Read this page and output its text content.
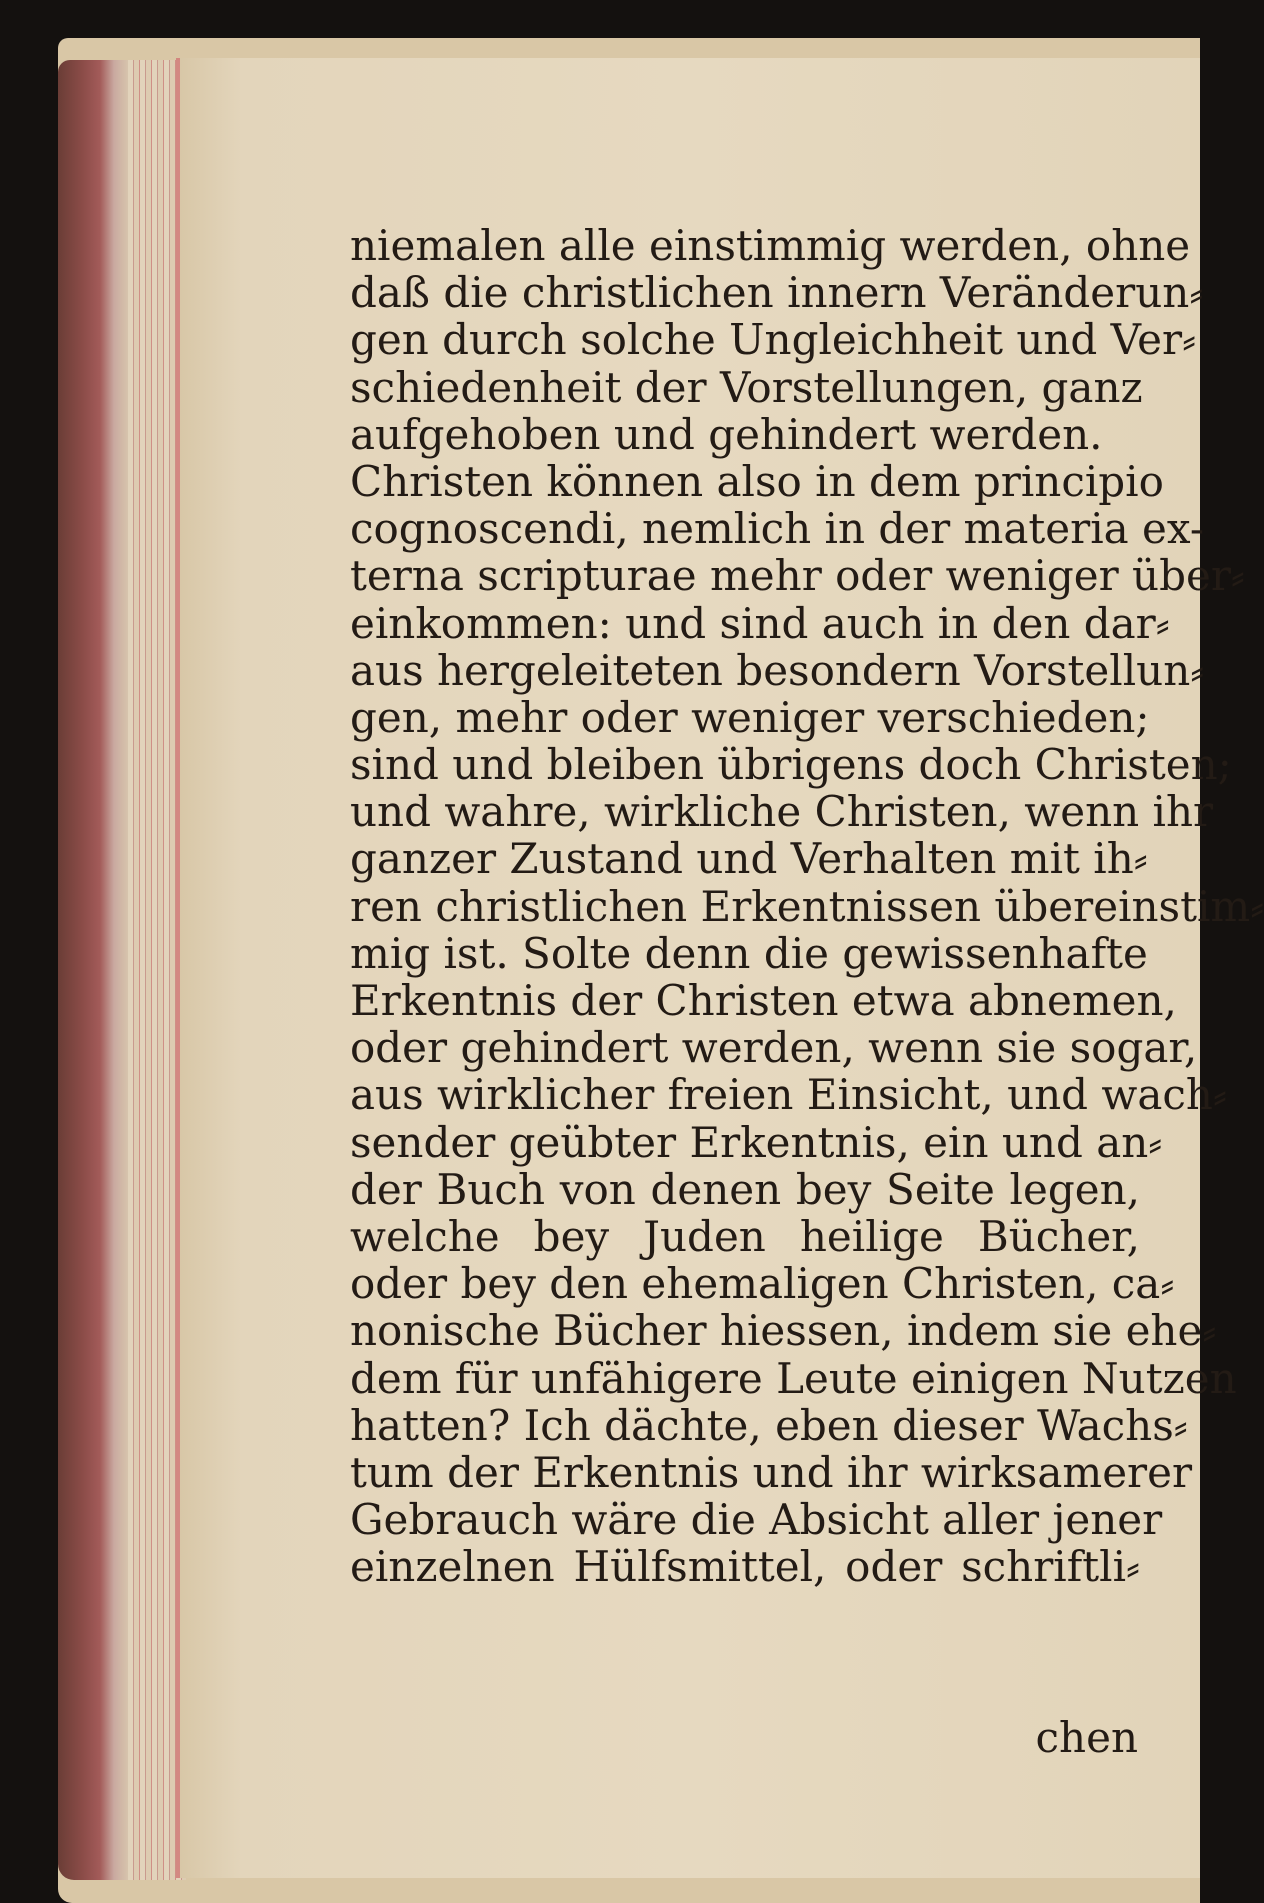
niemalen alle einstimmig werden, ohne
daß die christlichen innern Veränderun⸗
gen durch solche Ungleichheit und Ver⸗
schiedenheit der Vorstellungen, ganz
aufgehoben und gehindert werden.
Christen können also in dem principio
cognoscendi, nemlich in der materia ex-
terna scripturae mehr oder weniger über⸗
einkommen: und sind auch in den dar⸗
aus hergeleiteten besondern Vorstellun⸗
gen, mehr oder weniger verschieden;
sind und bleiben übrigens doch Christen;
und wahre, wirkliche Christen, wenn ihr
ganzer Zustand und Verhalten mit ih⸗
ren christlichen Erkentnissen übereinstim⸗
mig ist. Solte denn die gewissenhafte
Erkentnis der Christen etwa abnemen,
oder gehindert werden, wenn sie sogar,
aus wirklicher freien Einsicht, und wach⸗
sender geübter Erkentnis, ein und an⸗
der Buch von denen bey Seite legen,
welche bey Juden heilige Bücher,
oder bey den ehemaligen Christen, ca⸗
nonische Bücher hiessen, indem sie ehe⸗
dem für unfähigere Leute einigen Nutzen
hatten? Ich dächte, eben dieser Wachs⸗
tum der Erkentnis und ihr wirksamerer
Gebrauch wäre die Absicht aller jener
einzelnen Hülfsmittel, oder schriftli⸗
chen
